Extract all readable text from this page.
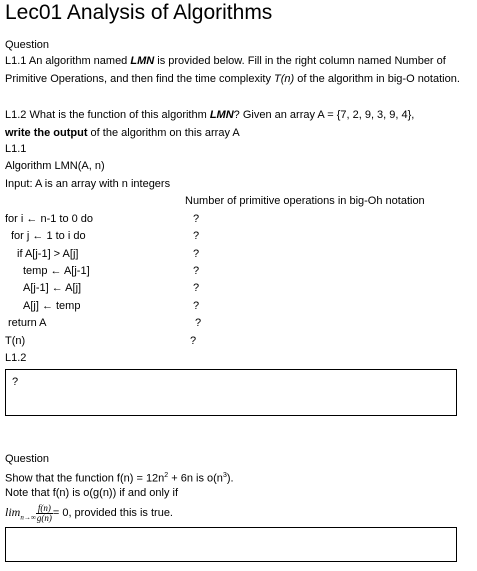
Lec01 Analysis of Algorithms
Question
L1.1 An algorithm named LMN is provided below. Fill in the right column named Number of Primitive Operations, and then find the time complexity T(n) of the algorithm in big-O notation.
L1.2 What is the function of this algorithm LMN? Given an array A = {7, 2, 9, 3, 9, 4},
write the output of the algorithm on this array A
L1.1
Algorithm LMN(A, n)
Input: A is an array with n integers
Number of primitive operations in big-Oh notation
for i ← n-1 to 0 do	?
for j ← 1 to i do	?
if A[j-1] > A[j]	?
temp ← A[j-1]	?
A[j-1] ← A[j]	?
A[j] ← temp	?
return A	?
T(n)	?
L1.2
?
Question
Show that the function $f(n) = 12n^2 + 6n$ is $o(n^3)$.
Note that f(n) is o(g(n)) if and only if
$\lim_{n\to\infty} \frac{f(n)}{g(n)} = 0$, provided this is true.
